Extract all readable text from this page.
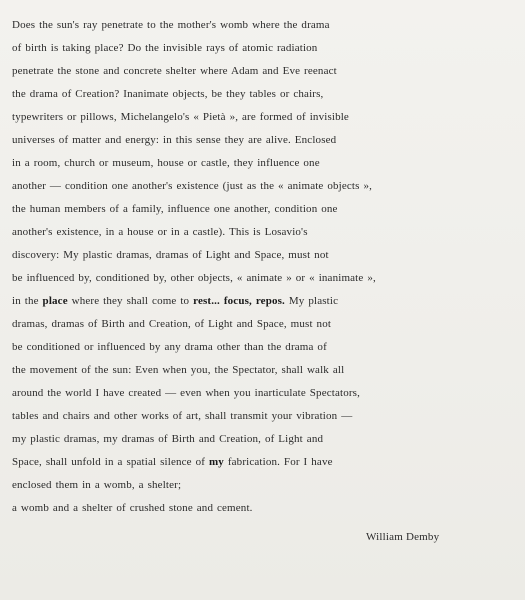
Does the sun's ray penetrate to the mother's womb where the drama
of birth is taking place? Do the invisible rays of atomic radiation
penetrate the stone and concrete shelter where Adam and Eve reenact
the drama of Creation? Inanimate objects, be they tables or chairs,
typewriters or pillows, Michelangelo's « Pietà », are formed of invisible
universes of matter and energy: in this sense they are alive. Enclosed
in a room, church or museum, house or castle, they influence one
another — condition one another's existence (just as the « animate objects »,
the human members of a family, influence one another, condition one
another's existence, in a house or in a castle). This is Losavio's
discovery: My plastic dramas, dramas of Light and Space, must not
be influenced by, conditioned by, other objects, « animate » or « inanimate »,
in the place where they shall come to rest... focus, repos. My plastic
dramas, dramas of Birth and Creation, of Light and Space, must not
be conditioned or influenced by any drama other than the drama of
the movement of the sun: Even when you, the Spectator, shall walk all
around the world I have created — even when you inarticulate Spectators,
tables and chairs and other works of art, shall transmit your vibration —
my plastic dramas, my dramas of Birth and Creation, of Light and
Space, shall unfold in a spatial silence of my fabrication. For I have
enclosed them in a womb, a shelter;
a womb and a shelter of crushed stone and cement.
William Demby
